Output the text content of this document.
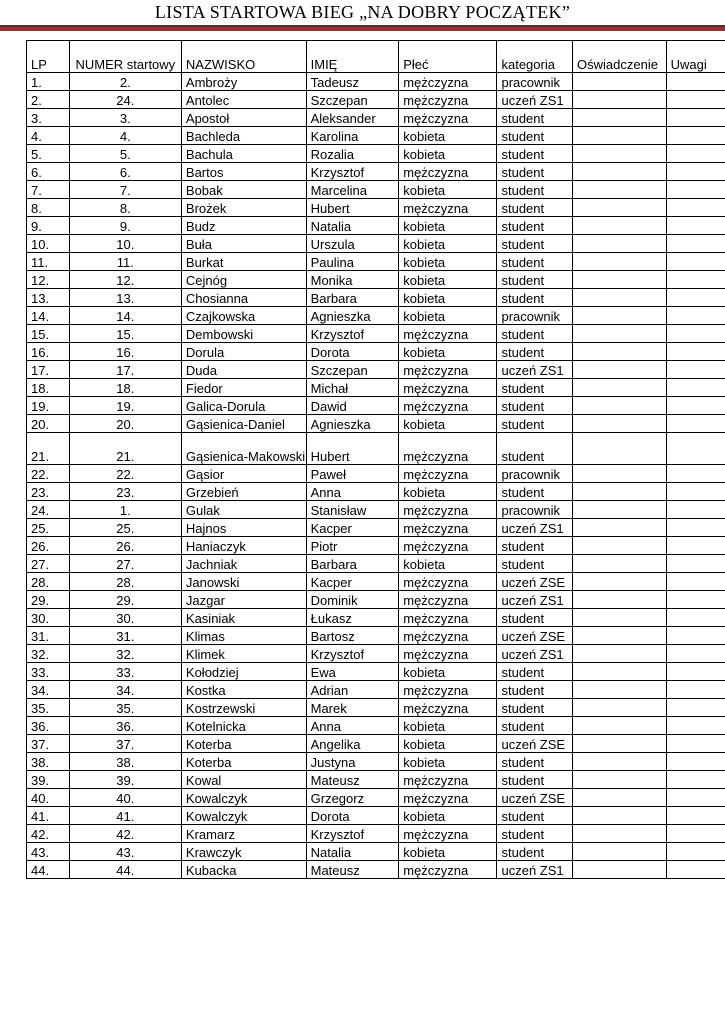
LISTA STARTOWA BIEG „NA DOBRY POCZĄTEK”
LP	NUMER startowy	NAZWISKO	IMIĘ	Płeć	kategoria	Oświadczenie	Uwagi
1.	2.	Ambroży	Tadeusz	mężczyzna	pracownik		
2.	24.	Antolec	Szczepan	mężczyzna	uczeń ZS1		
3.	3.	Apostoł	Aleksander	mężczyzna	student		
4.	4.	Bachleda	Karolina	kobieta	student		
5.	5.	Bachula	Rozalia	kobieta	student		
6.	6.	Bartos	Krzysztof	mężczyzna	student		
7.	7.	Bobak	Marcelina	kobieta	student		
8.	8.	Brożek	Hubert	mężczyzna	student		
9.	9.	Budz	Natalia	kobieta	student		
10.	10.	Buła	Urszula	kobieta	student		
11.	11.	Burkat	Paulina	kobieta	student		
12.	12.	Cejnóg	Monika	kobieta	student		
13.	13.	Chosianna	Barbara	kobieta	student		
14.	14.	Czajkowska	Agnieszka	kobieta	pracownik		
15.	15.	Dembowski	Krzysztof	mężczyzna	student		
16.	16.	Dorula	Dorota	kobieta	student		
17.	17.	Duda	Szczepan	mężczyzna	uczeń ZS1		
18.	18.	Fiedor	Michał	mężczyzna	student		
19.	19.	Galica-Dorula	Dawid	mężczyzna	student		
20.	20.	Gąsienica-Daniel	Agnieszka	kobieta	student		
21.	21.	Gąsienica-Makowski	Hubert	mężczyzna	student		
22.	22.	Gąsior	Paweł	mężczyzna	pracownik		
23.	23.	Grzebień	Anna	kobieta	student		
24.	1.	Gulak	Stanisław	mężczyzna	pracownik		
25.	25.	Hajnos	Kacper	mężczyzna	uczeń ZS1		
26.	26.	Haniaczyk	Piotr	mężczyzna	student		
27.	27.	Jachniak	Barbara	kobieta	student		
28.	28.	Janowski	Kacper	mężczyzna	uczeń ZSE		
29.	29.	Jazgar	Dominik	mężczyzna	uczeń ZS1		
30.	30.	Kasiniak	Łukasz	mężczyzna	student		
31.	31.	Klimas	Bartosz	mężczyzna	uczeń ZSE		
32.	32.	Klimek	Krzysztof	mężczyzna	uczeń ZS1		
33.	33.	Kołodziej	Ewa	kobieta	student		
34.	34.	Kostka	Adrian	mężczyzna	student		
35.	35.	Kostrzewski	Marek	mężczyzna	student		
36.	36.	Kotelnicka	Anna	kobieta	student		
37.	37.	Koterba	Angelika	kobieta	uczeń ZSE		
38.	38.	Koterba	Justyna	kobieta	student		
39.	39.	Kowal	Mateusz	mężczyzna	student		
40.	40.	Kowalczyk	Grzegorz	mężczyzna	uczeń ZSE		
41.	41.	Kowalczyk	Dorota	kobieta	student		
42.	42.	Kramarz	Krzysztof	mężczyzna	student		
43.	43.	Krawczyk	Natalia	kobieta	student		
44.	44.	Kubacka	Mateusz	mężczyzna	uczeń ZS1		
